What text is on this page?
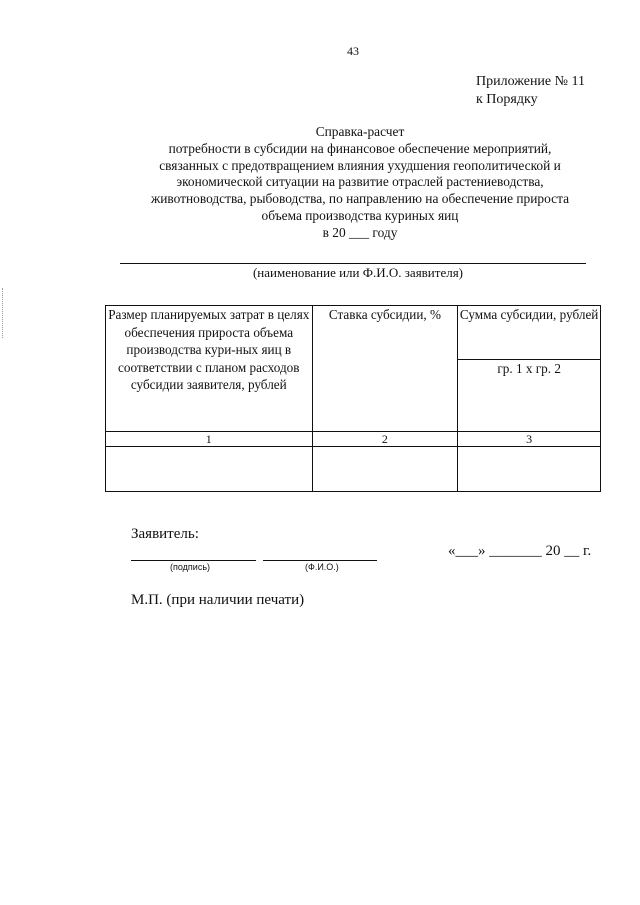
43
Приложение № 11
к Порядку
Справка-расчет
потребности в субсидии на финансовое обеспечение мероприятий,
связанных с предотвращением влияния ухудшения геополитической и
экономической ситуации на развитие отраслей растениеводства,
животноводства, рыбоводства, по направлению на обеспечение прироста
объема производства куриных яиц
в 20 ___ году
(наименование или Ф.И.О. заявителя)
Размер планируемых затрат в целях обеспечения прироста объема производства кури-ных яиц в соответствии с планом расходов субсидии заявителя, рублей	Ставка субсидии, %	Сумма субсидии, рублей
		гр. 1 х гр. 2
1	2	3

Заявитель:
(подпись)	(Ф.И.О.)
«___» _______ 20 __ г.
М.П. (при наличии печати)
